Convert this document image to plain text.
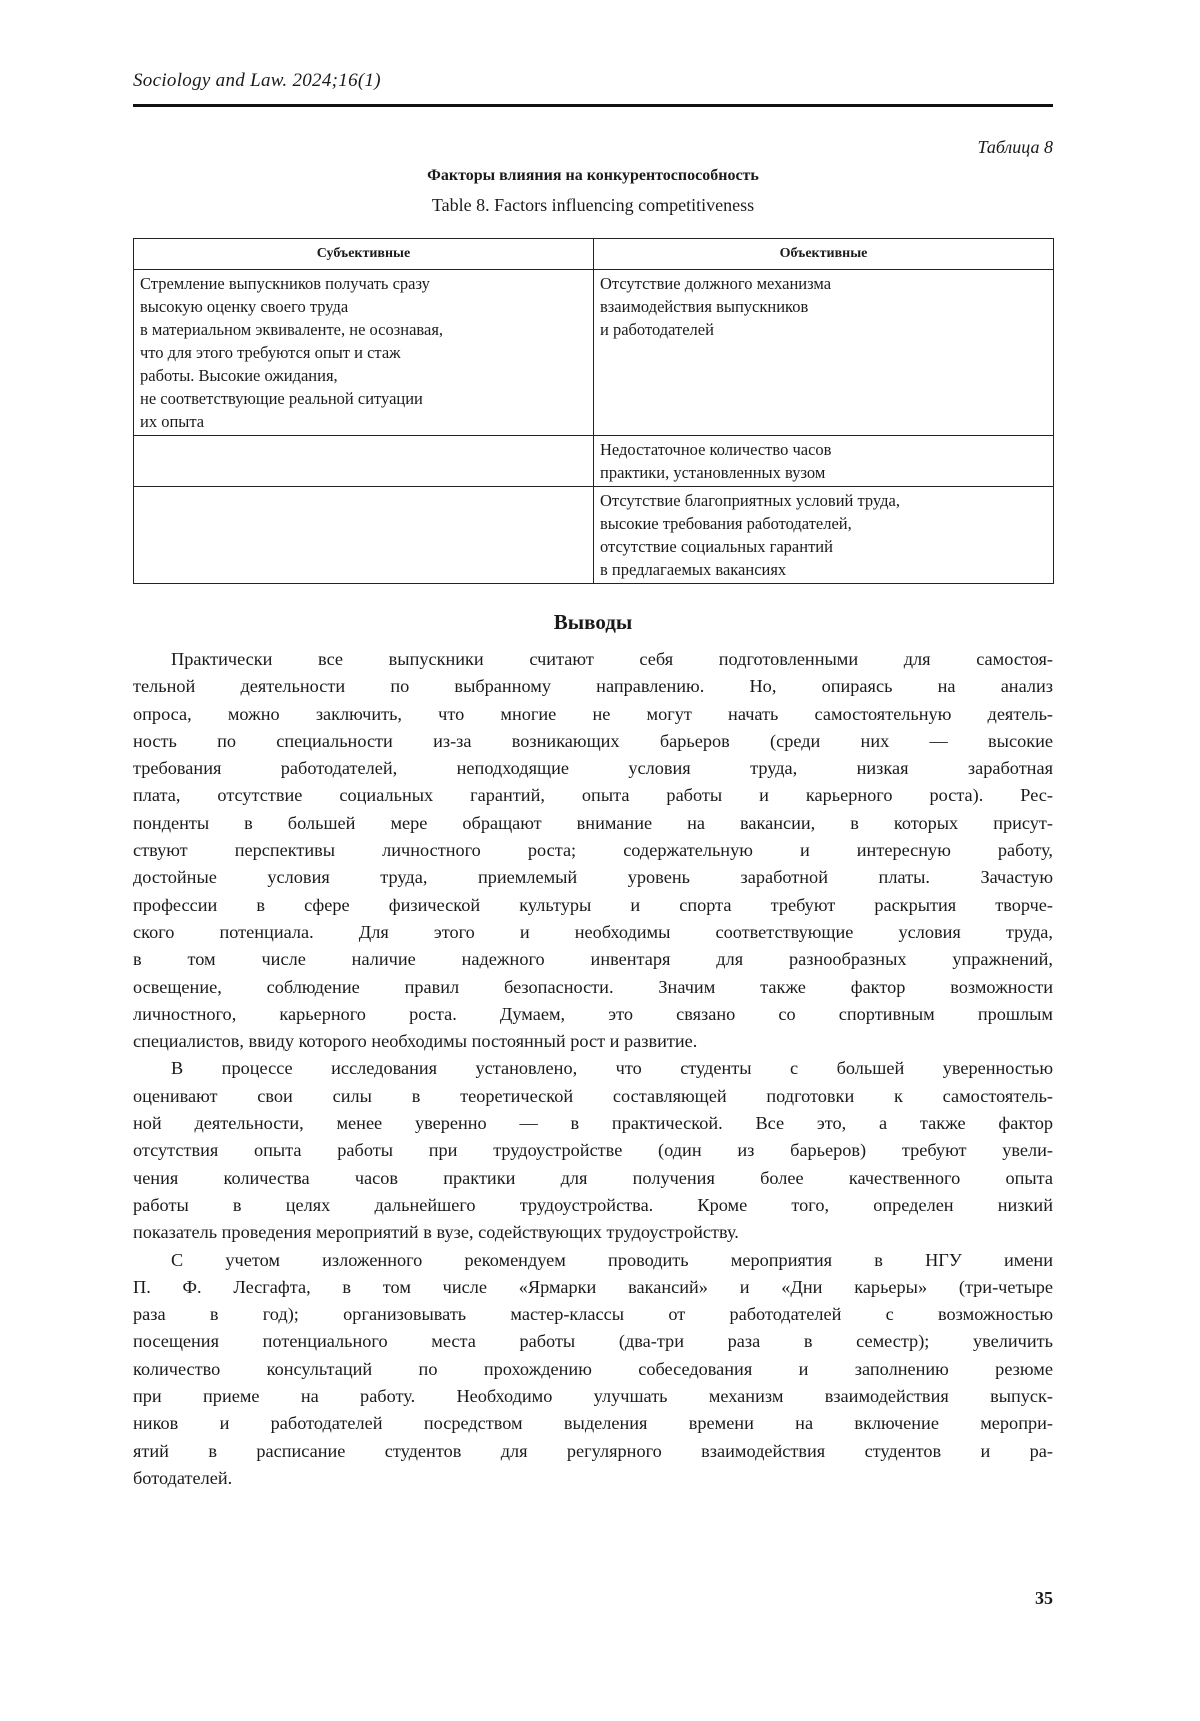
Sociology and Law. 2024;16(1)
Таблица 8
Факторы влияния на конкурентоспособность
Table 8. Factors influencing competitiveness
Субъективные	Объективные

Стремление выпускников получать сразу
высокую оценку своего труда
в материальном эквиваленте, не осознавая,
что для этого требуются опыт и стаж
работы. Высокие ожидания,
не соответствующие реальной ситуации
их опыта

Отсутствие должного механизма
взаимодействия выпускников
и работодателей

Недостаточное количество часов
практики, установленных вузом

Отсутствие благоприятных условий труда,
высокие требования работодателей,
отсутствие социальных гарантий
в предлагаемых вакансиях
Выводы
Практически все выпускники считают себя подготовленными для самостоя-
тельной деятельности по выбранному направлению. Но, опираясь на анализ
опроса, можно заключить, что многие не могут начать самостоятельную деятель-
ность по специальности из-за возникающих барьеров (среди них — высокие
требования работодателей, неподходящие условия труда, низкая заработная
плата, отсутствие социальных гарантий, опыта работы и карьерного роста). Рес-
понденты в большей мере обращают внимание на вакансии, в которых присут-
ствуют перспективы личностного роста; содержательную и интересную работу,
достойные условия труда, приемлемый уровень заработной платы. Зачастую
профессии в сфере физической культуры и спорта требуют раскрытия творче-
ского потенциала. Для этого и необходимы соответствующие условия труда,
в том числе наличие надежного инвентаря для разнообразных упражнений,
освещение, соблюдение правил безопасности. Значим также фактор возможности
личностного, карьерного роста. Думаем, это связано со спортивным прошлым
специалистов, ввиду которого необходимы постоянный рост и развитие.
В процессе исследования установлено, что студенты с большей уверенностью
оценивают свои силы в теоретической составляющей подготовки к самостоятель-
ной деятельности, менее уверенно — в практической. Все это, а также фактор
отсутствия опыта работы при трудоустройстве (один из барьеров) требуют увели-
чения количества часов практики для получения более качественного опыта
работы в целях дальнейшего трудоустройства. Кроме того, определен низкий
показатель проведения мероприятий в вузе, содействующих трудоустройству.
С учетом изложенного рекомендуем проводить мероприятия в НГУ имени
П. Ф. Лесгафта, в том числе «Ярмарки вакансий» и «Дни карьеры» (три-четыре
раза в год); организовывать мастер-классы от работодателей с возможностью
посещения потенциального места работы (два-три раза в семестр); увеличить
количество консультаций по прохождению собеседования и заполнению резюме
при приеме на работу. Необходимо улучшать механизм взаимодействия выпуск-
ников и работодателей посредством выделения времени на включение меропри-
ятий в расписание студентов для регулярного взаимодействия студентов и ра-
ботодателей.
35
